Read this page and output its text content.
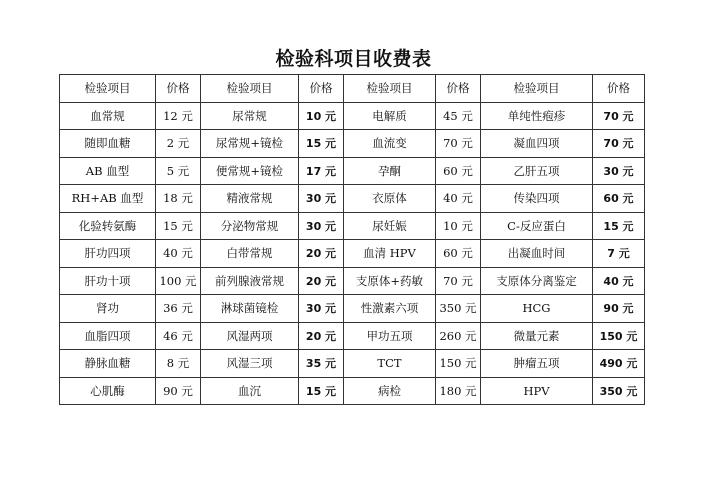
检验科项目收费表
检验项目	价格	检验项目	价格	检验项目	价格	检验项目	价格
血常规	12 元	尿常规	10 元	电解质	45 元	单纯性疱疹	70 元
随即血糖	2 元	尿常规+镜检	15 元	血流变	70 元	凝血四项	70 元
AB 血型	5 元	便常规+镜检	17 元	孕酮	60 元	乙肝五项	30 元
RH+AB 血型	18 元	精液常规	30 元	衣原体	40 元	传染四项	60 元
化验转氨酶	15 元	分泌物常规	30 元	尿妊娠	10 元	C-反应蛋白	15 元
肝功四项	40 元	白带常规	20 元	血清 HPV	60 元	出凝血时间	7 元
肝功十项	100 元	前列腺液常规	20 元	支原体+药敏	70 元	支原体分离鉴定	40 元
肾功	36 元	淋球菌镜检	30 元	性激素六项	350 元	HCG	90 元
血脂四项	46 元	风湿两项	20 元	甲功五项	260 元	微量元素	150 元
静脉血糖	8 元	风湿三项	35 元	TCT	150 元	肿瘤五项	490 元
心肌酶	90 元	血沉	15 元	病检	180 元	HPV	350 元
